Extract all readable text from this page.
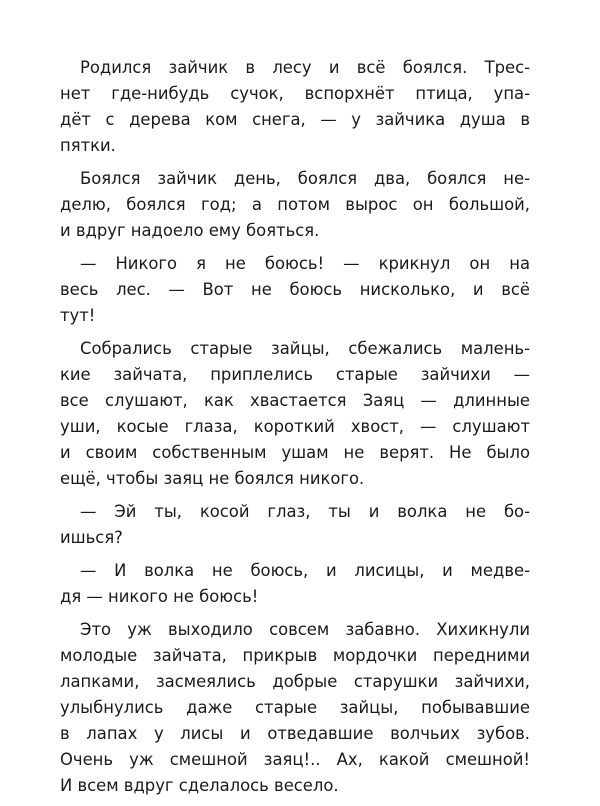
Родился зайчик в лесу и всё боялся. Трес-
нет где-нибудь сучок, вспорхнёт птица, упа-
дёт с дерева ком снега, — у зайчика душа в
пятки.
Боялся зайчик день, боялся два, боялся не-
делю, боялся год; а потом вырос он большой,
и вдруг надоело ему бояться.
— Никого я не боюсь! — крикнул он на
весь лес. — Вот не боюсь нисколько, и всё
тут!
Собрались старые зайцы, сбежались малень-
кие зайчата, приплелись старые зайчихи —
все слушают, как хвастается Заяц — длинные
уши, косые глаза, короткий хвост, — слушают
и своим собственным ушам не верят. Не было
ещё, чтобы заяц не боялся никого.
— Эй ты, косой глаз, ты и волка не бо-
ишься?
— И волка не боюсь, и лисицы, и медве-
дя — никого не боюсь!
Это уж выходило совсем забавно. Хихикнули
молодые зайчата, прикрыв мордочки передними
лапками, засмеялись добрые старушки зайчихи,
улыбнулись даже старые зайцы, побывавшие
в лапах у лисы и отведавшие волчьих зубов.
Очень уж смешной заяц!.. Ах, какой смешной!
И всем вдруг сделалось весело.
